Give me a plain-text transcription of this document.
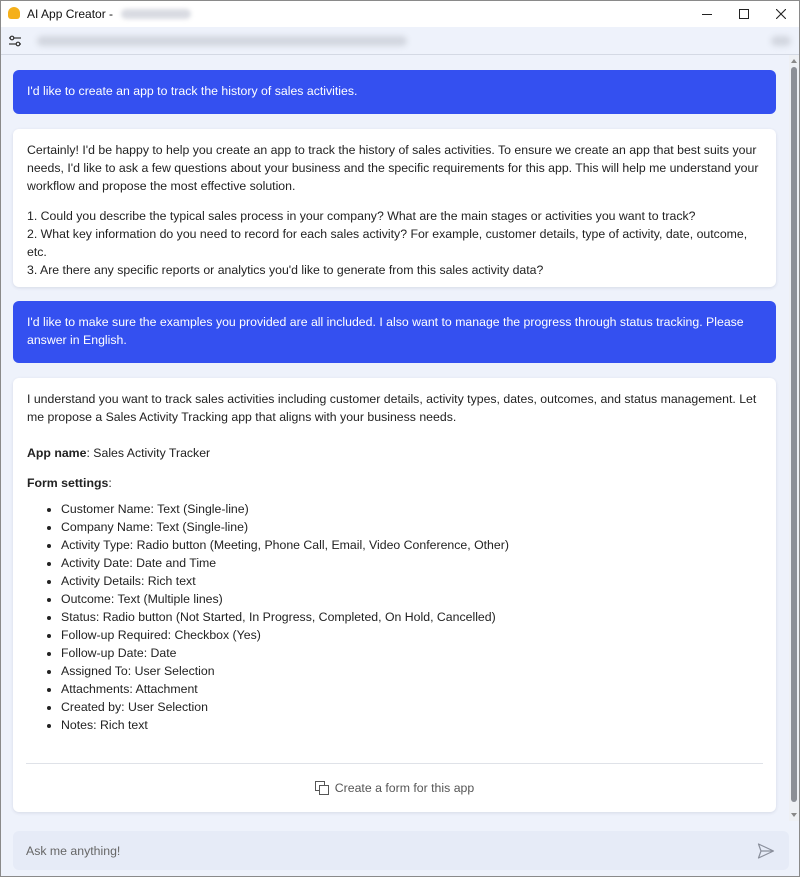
AI App Creator -
I'd like to create an app to track the history of sales activities.

Certainly! I'd be happy to help you create an app to track the history of sales activities. To ensure we create an app that best suits your needs, I'd like to ask a few questions about your business and the specific requirements for this app. This will help me understand your workflow and propose the most effective solution.

1. Could you describe the typical sales process in your company? What are the main stages or activities you want to track?

2. What key information do you need to record for each sales activity? For example, customer details, type of activity, date, outcome, etc.

3. Are there any specific reports or analytics you'd like to generate from this sales activity data?

I'd like to make sure the examples you provided are all included. I also want to manage the progress through status tracking. Please answer in English.

I understand you want to track sales activities including customer details, activity types, dates, outcomes, and status management. Let me propose a Sales Activity Tracking app that aligns with your business needs.

App name: Sales Activity Tracker

Form settings:

• Customer Name: Text (Single-line)
• Company Name: Text (Single-line)
• Activity Type: Radio button (Meeting, Phone Call, Email, Video Conference, Other)
• Activity Date: Date and Time
• Activity Details: Rich text
• Outcome: Text (Multiple lines)
• Status: Radio button (Not Started, In Progress, Completed, On Hold, Cancelled)
• Follow-up Required: Checkbox (Yes)
• Follow-up Date: Date
• Assigned To: User Selection
• Attachments: Attachment
• Created by: User Selection
• Notes: Rich text
Create a form for this app
Ask me anything!
